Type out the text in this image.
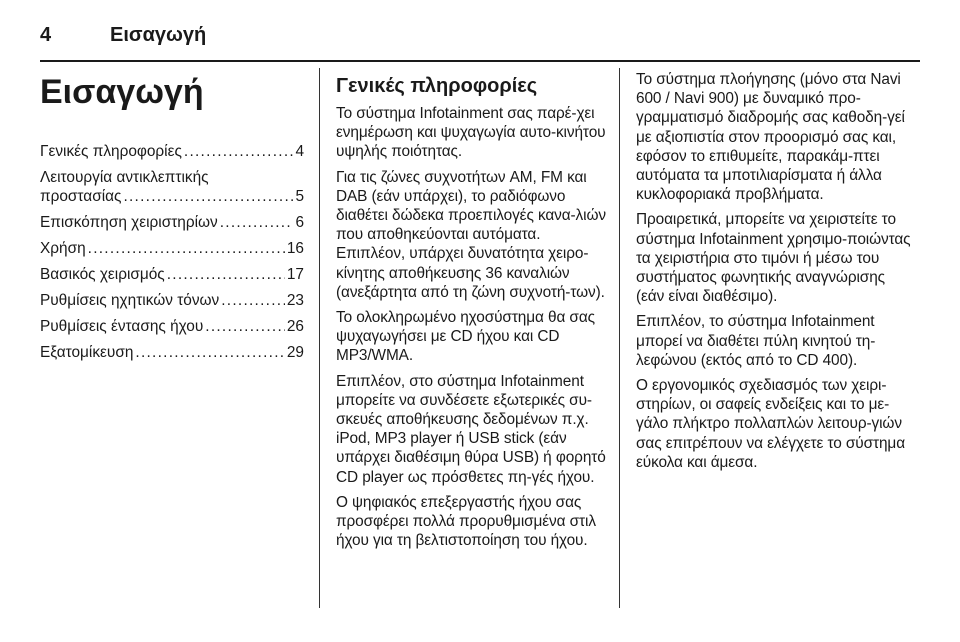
4	Εισαγωγή
Εισαγωγή
Γενικές πληροφορίες . . .	4
Λειτουργία αντικλεπτικής
προστασίας . . .	5
Επισκόπηση χειριστηρίων . . .	6
Χρήση . . .	16
Βασικός χειρισμός . . .	17
Ρυθμίσεις ηχητικών τόνων . . .	23
Ρυθμίσεις έντασης ήχου . . .	26
Εξατομίκευση . . .	29
Γενικές πληροφορίες

Το σύστημα Infotainment σας παρέ-χει ενημέρωση και ψυχαγωγία αυτο-κινήτου υψηλής ποιότητας.

Για τις ζώνες συχνοτήτων AM, FM και DAB (εάν υπάρχει), το ραδιόφωνο διαθέτει δώδεκα προεπιλογές κανα-λιών που αποθηκεύονται αυτόματα. Επιπλέον, υπάρχει δυνατότητα χειρο-κίνητης αποθήκευσης 36 καναλιών (ανεξάρτητα από τη ζώνη συχνοτή-των).

Το ολοκληρωμένο ηχοσύστημα θα σας ψυχαγωγήσει με CD ήχου και CD MP3/WMA.

Επιπλέον, στο σύστημα Infotainment μπορείτε να συνδέσετε εξωτερικές συ-σκευές αποθήκευσης δεδομένων π.χ. iPod, MP3 player ή USB stick (εάν υπάρχει διαθέσιμη θύρα USB) ή φορητό CD player ως πρόσθετες πη-γές ήχου.

Ο ψηφιακός επεξεργαστής ήχου σας προσφέρει πολλά προρυθμισμένα στιλ ήχου για τη βελτιστοποίηση του ήχου.

Το σύστημα πλοήγησης (μόνο στα Navi 600 / Navi 900) με δυναμικό προ-γραμματισμό διαδρομής σας καθοδη-γεί με αξιοπιστία στον προορισμό σας και, εφόσον το επιθυμείτε, παρακάμ-πτει αυτόματα τα μποτιλιαρίσματα ή άλλα κυκλοφοριακά προβλήματα.

Προαιρετικά, μπορείτε να χειριστείτε το σύστημα Infotainment χρησιμο-ποιώντας τα χειριστήρια στο τιμόνι ή μέσω του συστήματος φωνητικής αναγνώρισης (εάν είναι διαθέσιμο).

Επιπλέον, το σύστημα Infotainment μπορεί να διαθέτει πύλη κινητού τη-λεφώνου (εκτός από το CD 400).

Ο εργονομικός σχεδιασμός των χειρι-στηρίων, οι σαφείς ενδείξεις και το με-γάλο πλήκτρο πολλαπλών λειτουρ-γιών σας επιτρέπουν να ελέγχετε το σύστημα εύκολα και άμεσα.
